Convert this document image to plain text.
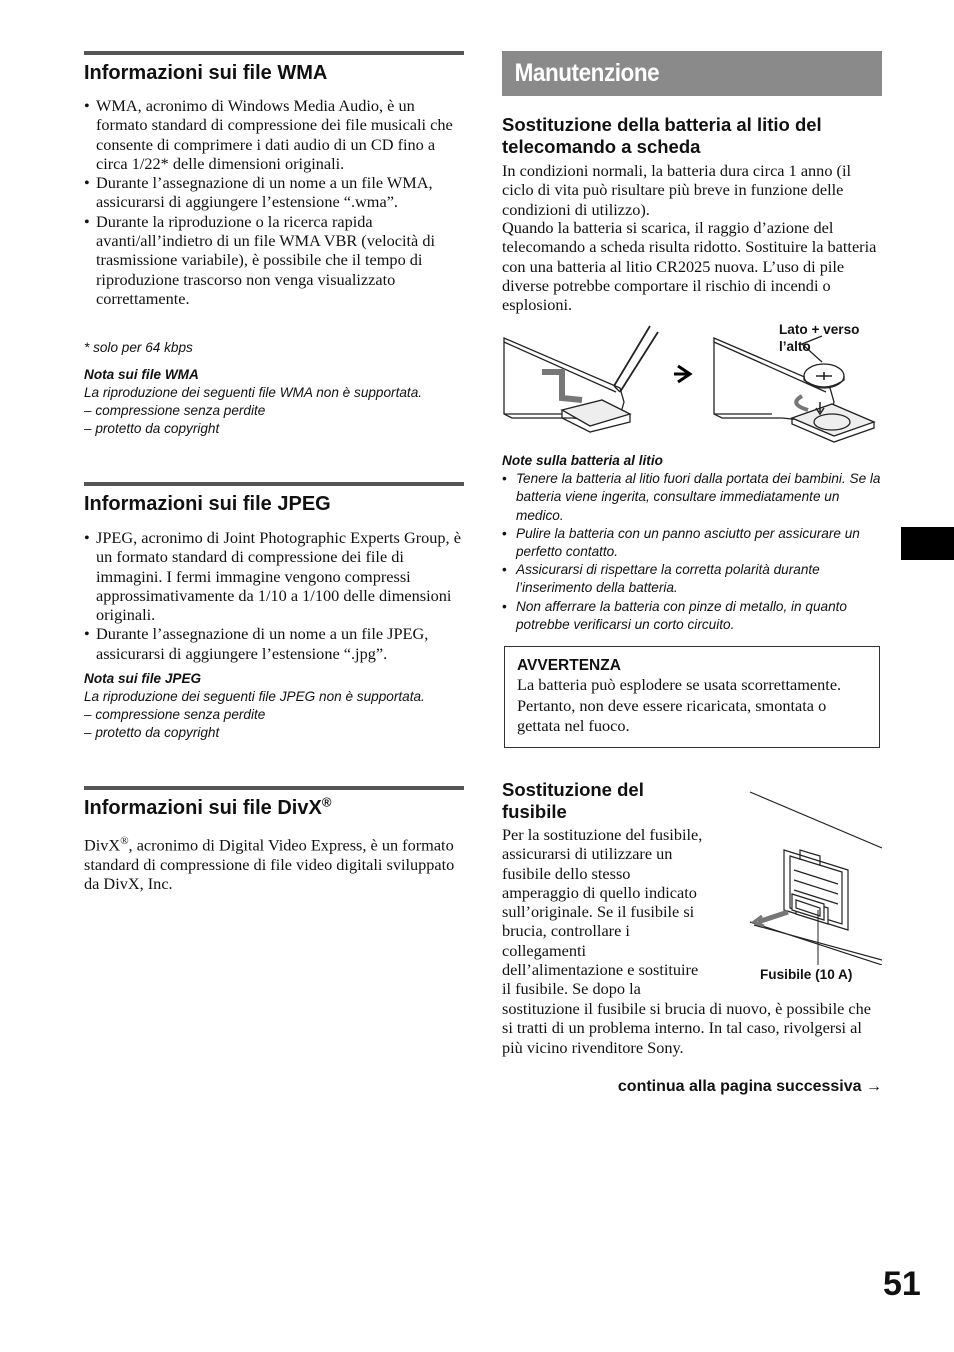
Informazioni sui file WMA
• WMA, acronimo di Windows Media Audio, è un formato standard di compressione dei file musicali che consente di comprimere i dati audio di un CD fino a circa 1/22* delle dimensioni originali.
• Durante l’assegnazione di un nome a un file WMA, assicurarsi di aggiungere l’estensione “.wma”.
• Durante la riproduzione o la ricerca rapida avanti/all’indietro di un file WMA VBR (velocità di trasmissione variabile), è possibile che il tempo di riproduzione trascorso non venga visualizzato correttamente.
* solo per 64 kbps
Nota sui file WMA
La riproduzione dei seguenti file WMA non è supportata.
– compressione senza perdite
– protetto da copyright
Informazioni sui file JPEG
• JPEG, acronimo di Joint Photographic Experts Group, è un formato standard di compressione dei file di immagini. I fermi immagine vengono compressi approssimativamente da 1/10 a 1/100 delle dimensioni originali.
• Durante l’assegnazione di un nome a un file JPEG, assicurarsi di aggiungere l’estensione “.jpg”.
Nota sui file JPEG
La riproduzione dei seguenti file JPEG non è supportata.
– compressione senza perdite
– protetto da copyright
Informazioni sui file DivX®

DivX®, acronimo di Digital Video Express, è un formato standard di compressione di file video digitali sviluppato da DivX, Inc.

Manutenzione
Sostituzione della batteria al litio del telecomando a scheda

In condizioni normali, la batteria dura circa 1 anno (il ciclo di vita può risultare più breve in funzione delle condizioni di utilizzo).

Quando la batteria si scarica, il raggio d’azione del telecomando a scheda risulta ridotto. Sostituire la batteria con una batteria al litio CR2025 nuova. L’uso di pile diverse potrebbe comportare il rischio di incendi o esplosioni.

Lato + verso
l’alto
Note sulla batteria al litio
• Tenere la batteria al litio fuori dalla portata dei bambini. Se la batteria viene ingerita, consultare immediatamente un medico.
• Pulire la batteria con un panno asciutto per assicurare un perfetto contatto.
• Assicurarsi di rispettare la corretta polarità durante l’inserimento della batteria.
• Non afferrare la batteria con pinze di metallo, in quanto potrebbe verificarsi un corto circuito.
AVVERTENZA
La batteria può esplodere se usata scorrettamente. Pertanto, non deve essere ricaricata, smontata o gettata nel fuoco.
Sostituzione del
fusibile
Per la sostituzione del fusibile,
assicurarsi di utilizzare un
fusibile dello stesso
amperaggio di quello indicato
sull’originale. Se il fusibile si
brucia, controllare i
collegamenti
dell’alimentazione e sostituire
il fusibile. Se dopo la

sostituzione il fusibile si brucia di nuovo, è possibile che si tratti di un problema interno. In tal caso, rivolgersi al più vicino rivenditore Sony.

Fusibile (10 A)
continua alla pagina successiva →
51
